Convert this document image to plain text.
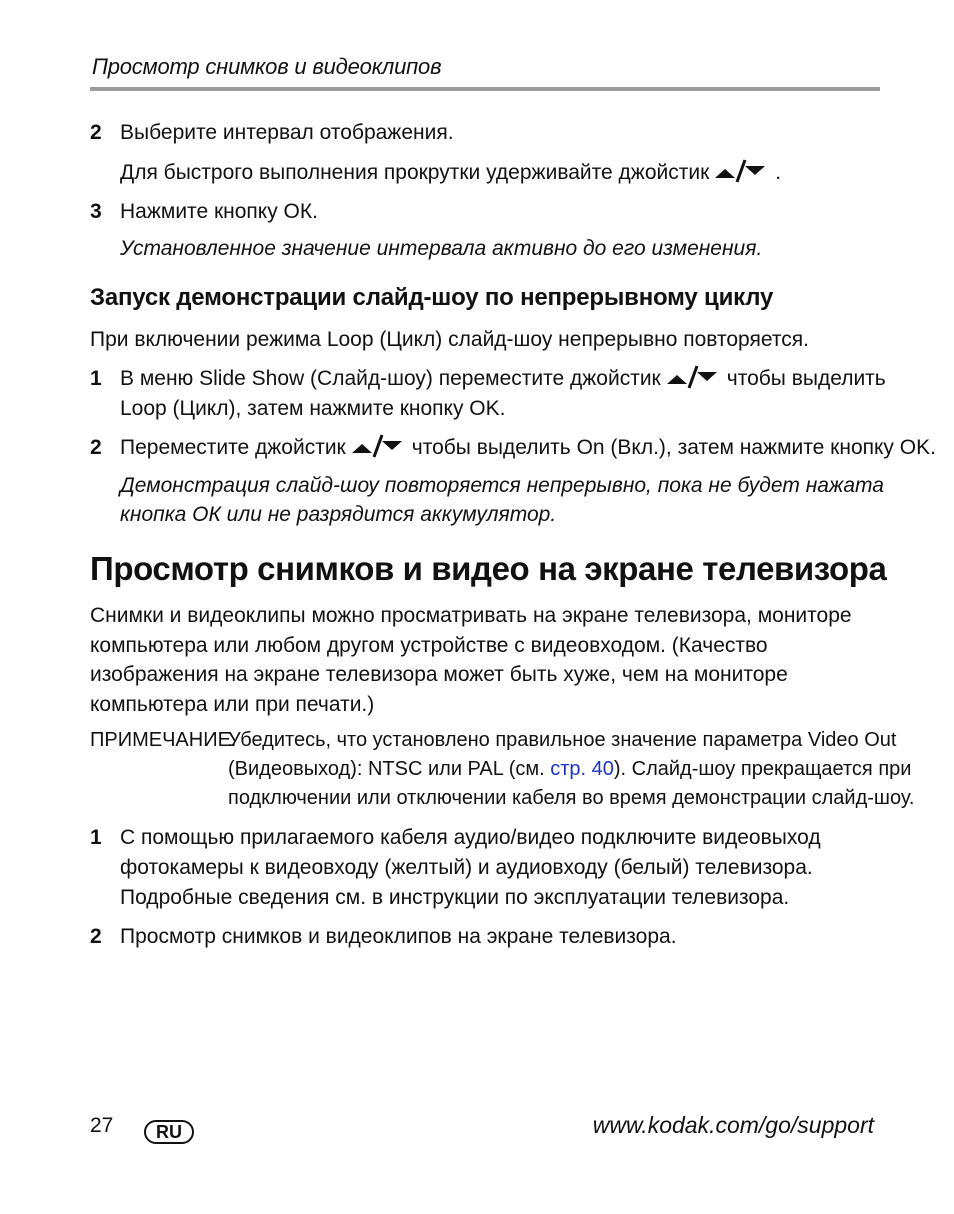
Просмотр снимков и видеоклипов
2 Выберите интервал отображения.
Для быстрого выполнения прокрутки удерживайте джойстик	.
3 Нажмите кнопку ОК.
Установленное значение интервала активно до его изменения.
Запуск демонстрации слайд-шоу по непрерывному циклу
При включении режима Loop (Цикл) слайд-шоу непрерывно повторяется.
1 В меню Slide Show (Слайд-шоу) переместите джойстик	чтобы выделить
Loop (Цикл), затем нажмите кнопку OK.
2 Переместите джойстик	чтобы выделить On (Вкл.), затем нажмите кнопку OK.
Демонстрация слайд-шоу повторяется непрерывно, пока не будет нажата
кнопка ОК или не разрядится аккумулятор.
Просмотр снимков и видео на экране телевизора
Снимки и видеоклипы можно просматривать на экране телевизора, мониторе
компьютера или любом другом устройстве с видеовходом. (Качество
изображения на экране телевизора может быть хуже, чем на мониторе
компьютера или при печати.)
ПРИМЕЧАНИЕ.
Убедитесь, что установлено правильное значение параметра Video Out
(Видеовыход): NTSC или PAL (см. стр. 40). Слайд-шоу прекращается при
подключении или отключении кабеля во время демонстрации слайд-шоу.
1 С помощью прилагаемого кабеля аудио/видео подключите видеовыход
фотокамеры к видеовходу (желтый) и аудиовходу (белый) телевизора.
Подробные сведения см. в инструкции по эксплуатации телевизора.
2 Просмотр снимков и видеоклипов на экране телевизора.
27	RU	www.kodak.com/go/support
